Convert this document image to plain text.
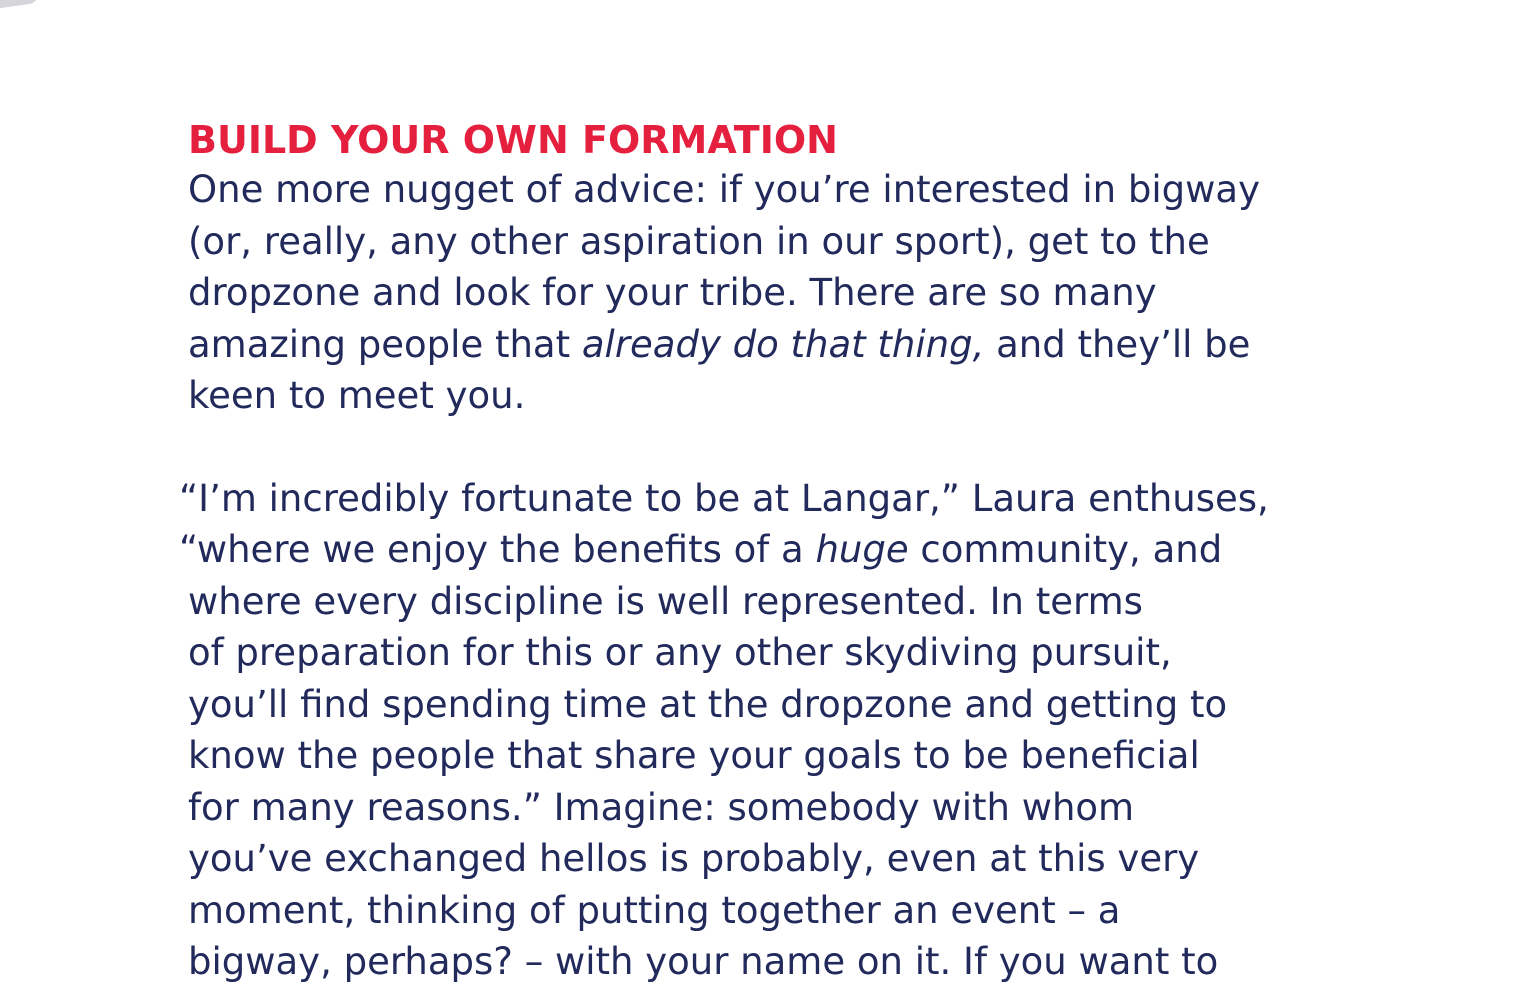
BUILD YOUR OWN FORMATION

One more nugget of advice: if you’re interested in bigway
(or, really, any other aspiration in our sport), get to the
dropzone and look for your tribe. There are so many
amazing people that already do that thing, and they’ll be
keen to meet you.

“I’m incredibly fortunate to be at Langar,” Laura enthuses,
“where we enjoy the benefits of a huge community, and
where every discipline is well represented. In terms
of preparation for this or any other skydiving pursuit,
you’ll find spending time at the dropzone and getting to
know the people that share your goals to be beneficial
for many reasons.” Imagine: somebody with whom
you’ve exchanged hellos is probably, even at this very
moment, thinking of putting together an event – a
bigway, perhaps? – with your name on it. If you want to
